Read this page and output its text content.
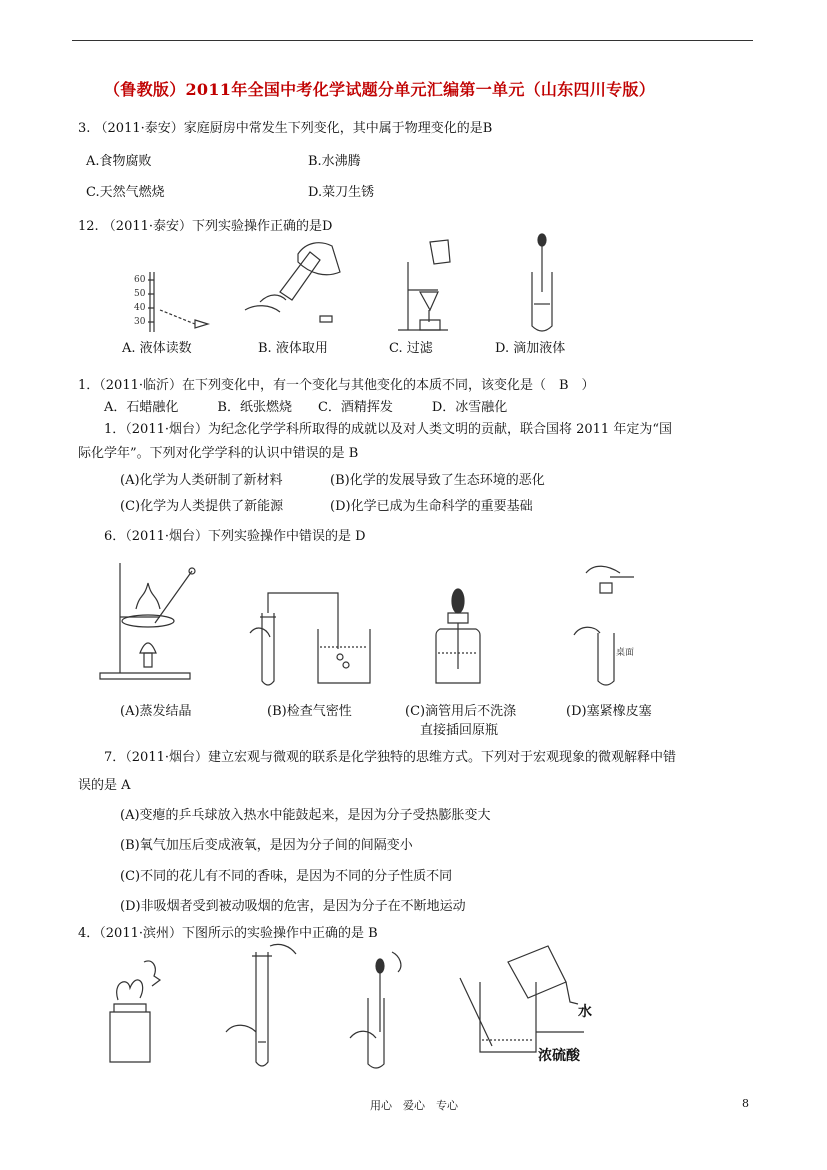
（鲁教版）2011年全国中考化学试题分单元汇编第一单元（山东四川专版）
3. （2011·泰安）家庭厨房中常发生下列变化，其中属于物理变化的是B
A.食物腐败	B.水沸腾
C.天然气燃烧	D.菜刀生锈
12. （2011·泰安）下列实验操作正确的是D
60
50
40
30
A. 液体读数	B. 液体取用	C. 过滤	D. 滴加液体
1．（2011·临沂）在下列变化中，有一个变化与其他变化的本质不同，该变化是（　B　）
A．石蜡融化　　　B．纸张燃烧　　C．酒精挥发　　　D．冰雪融化
1．（2011·烟台）为纪念化学学科所取得的成就以及对人类文明的贡献，联合国将 2011 年定为“国
际化学年”。下列对化学学科的认识中错误的是 B
(A)化学为人类研制了新材料	(B)化学的发展导致了生态环境的恶化
(C)化学为人类提供了新能源	(D)化学已成为生命科学的重要基础
6．（2011·烟台）下列实验操作中错误的是 D
桌面
(A)蒸发结晶	(B)检查气密性	(C)滴管用后不洗涤
直接插回原瓶
(D)塞紧橡皮塞
7．（2011·烟台）建立宏观与微观的联系是化学独特的思维方式。下列对于宏观现象的微观解释中错
误的是 A
(A)变瘪的乒乓球放入热水中能鼓起来，是因为分子受热膨胀变大
(B)氧气加压后变成液氧，是因为分子间的间隔变小
(C)不同的花儿有不同的香味，是因为不同的分子性质不同
(D)非吸烟者受到被动吸烟的危害，是因为分子在不断地运动
4．（2011·滨州）下图所示的实验操作中正确的是 B
水
浓硫酸
用心　爱心　专心	8
